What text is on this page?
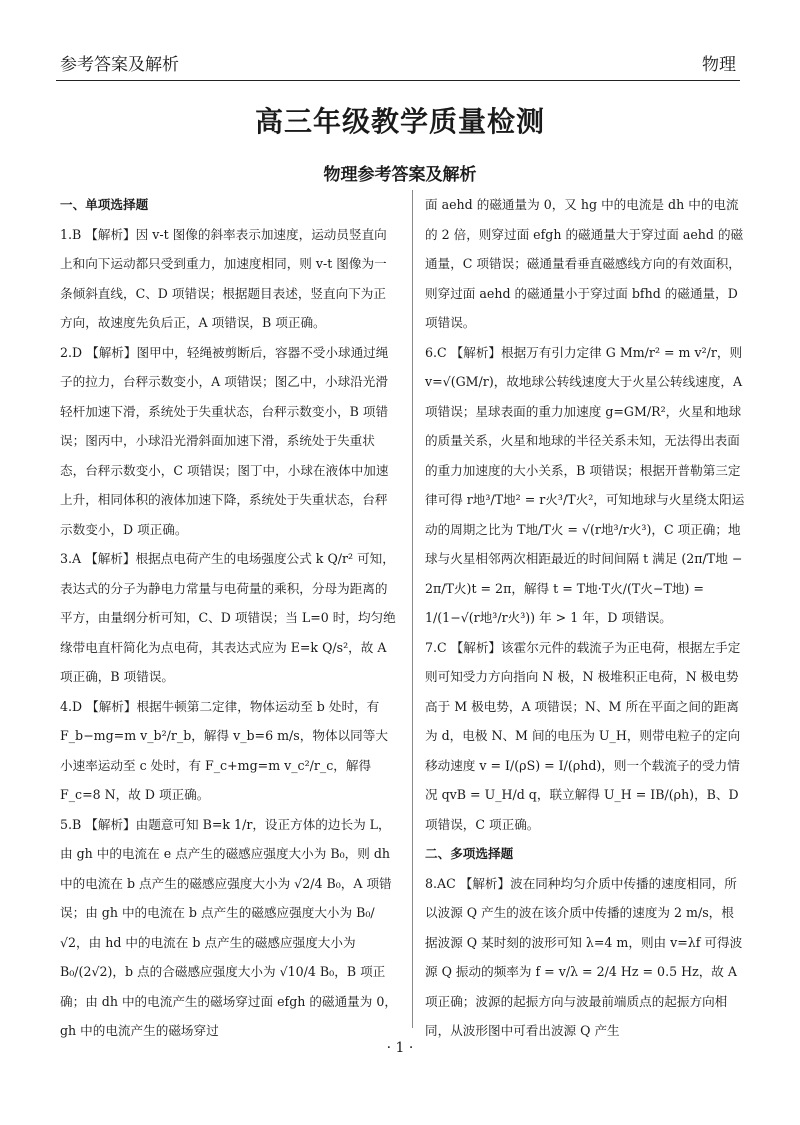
参考答案及解析	物理
高三年级教学质量检测
物理参考答案及解析

一、单项选择题

1.B 【解析】因 v-t 图像的斜率表示加速度，运动员竖直向上和向下运动都只受到重力，加速度相同，则 v-t 图像为一条倾斜直线，C、D 项错误；根据题目表述，竖直向下为正方向，故速度先负后正，A 项错误，B 项正确。

2.D 【解析】图甲中，轻绳被剪断后，容器不受小球通过绳子的拉力，台秤示数变小，A 项错误；图乙中，小球沿光滑轻杆加速下滑，系统处于失重状态，台秤示数变小，B 项错误；图丙中，小球沿光滑斜面加速下滑，系统处于失重状态，台秤示数变小，C 项错误；图丁中，小球在液体中加速上升，相同体积的液体加速下降，系统处于失重状态，台秤示数变小，D 项正确。

3.A 【解析】根据点电荷产生的电场强度公式 k Q/r² 可知，表达式的分子为静电力常量与电荷量的乘积，分母为距离的平方，由量纲分析可知，C、D 项错误；当 L=0 时，均匀绝缘带电直杆简化为点电荷，其表达式应为 E=k Q/s²，故 A 项正确，B 项错误。

4.D 【解析】根据牛顿第二定律，物体运动至 b 处时，有 F_b−mg=m v_b²/r_b，解得 v_b=6 m/s，物体以同等大小速率运动至 c 处时，有 F_c+mg=m v_c²/r_c，解得 F_c=8 N，故 D 项正确。

5.B 【解析】由题意可知 B=k 1/r，设正方体的边长为 L，由 gh 中的电流在 e 点产生的磁感应强度大小为 B₀，则 dh 中的电流在 b 点产生的磁感应强度大小为 √2/4 B₀，A 项错误；由 gh 中的电流在 b 点产生的磁感应强度大小为 B₀/√2，由 hd 中的电流在 b 点产生的磁感应强度大小为 B₀/(2√2)，b 点的合磁感应强度大小为 √10/4 B₀，B 项正确；由 dh 中的电流产生的磁场穿过面 efgh 的磁通量为 0，gh 中的电流产生的磁场穿过

面 aehd 的磁通量为 0，又 hg 中的电流是 dh 中的电流的 2 倍，则穿过面 efgh 的磁通量大于穿过面 aehd 的磁通量，C 项错误；磁通量看垂直磁感线方向的有效面积，则穿过面 aehd 的磁通量小于穿过面 bfhd 的磁通量，D 项错误。

6.C 【解析】根据万有引力定律 G Mm/r² = m v²/r，则 v=√(GM/r)，故地球公转线速度大于火星公转线速度，A 项错误；星球表面的重力加速度 g=GM/R²，火星和地球的质量关系，火星和地球的半径关系未知，无法得出表面的重力加速度的大小关系，B 项错误；根据开普勒第三定律可得 r地³/T地² = r火³/T火²，可知地球与火星绕太阳运动的周期之比为 T地/T火 = √(r地³/r火³)，C 项正确；地球与火星相邻两次相距最近的时间间隔 t 满足 (2π/T地 − 2π/T火)t = 2π，解得 t = T地·T火/(T火−T地) = 1/(1−√(r地³/r火³)) 年 > 1 年，D 项错误。

7.C 【解析】该霍尔元件的载流子为正电荷，根据左手定则可知受力方向指向 N 极，N 极堆积正电荷，N 极电势高于 M 极电势，A 项错误；N、M 所在平面之间的距离为 d，电极 N、M 间的电压为 U_H，则带电粒子的定向移动速度 v = I/(ρS) = I/(ρhd)，则一个载流子的受力情况 qvB = U_H/d q，联立解得 U_H = IB/(ρh)，B、D 项错误，C 项正确。

二、多项选择题

8.AC 【解析】波在同种均匀介质中传播的速度相同，所以波源 Q 产生的波在该介质中传播的速度为 2 m/s，根据波源 Q 某时刻的波形可知 λ=4 m，则由 v=λf 可得波源 Q 振动的频率为 f = v/λ = 2/4 Hz = 0.5 Hz，故 A 项正确；波源的起振方向与波最前端质点的起振方向相同，从波形图中可看出波源 Q 产生

· 1 ·
